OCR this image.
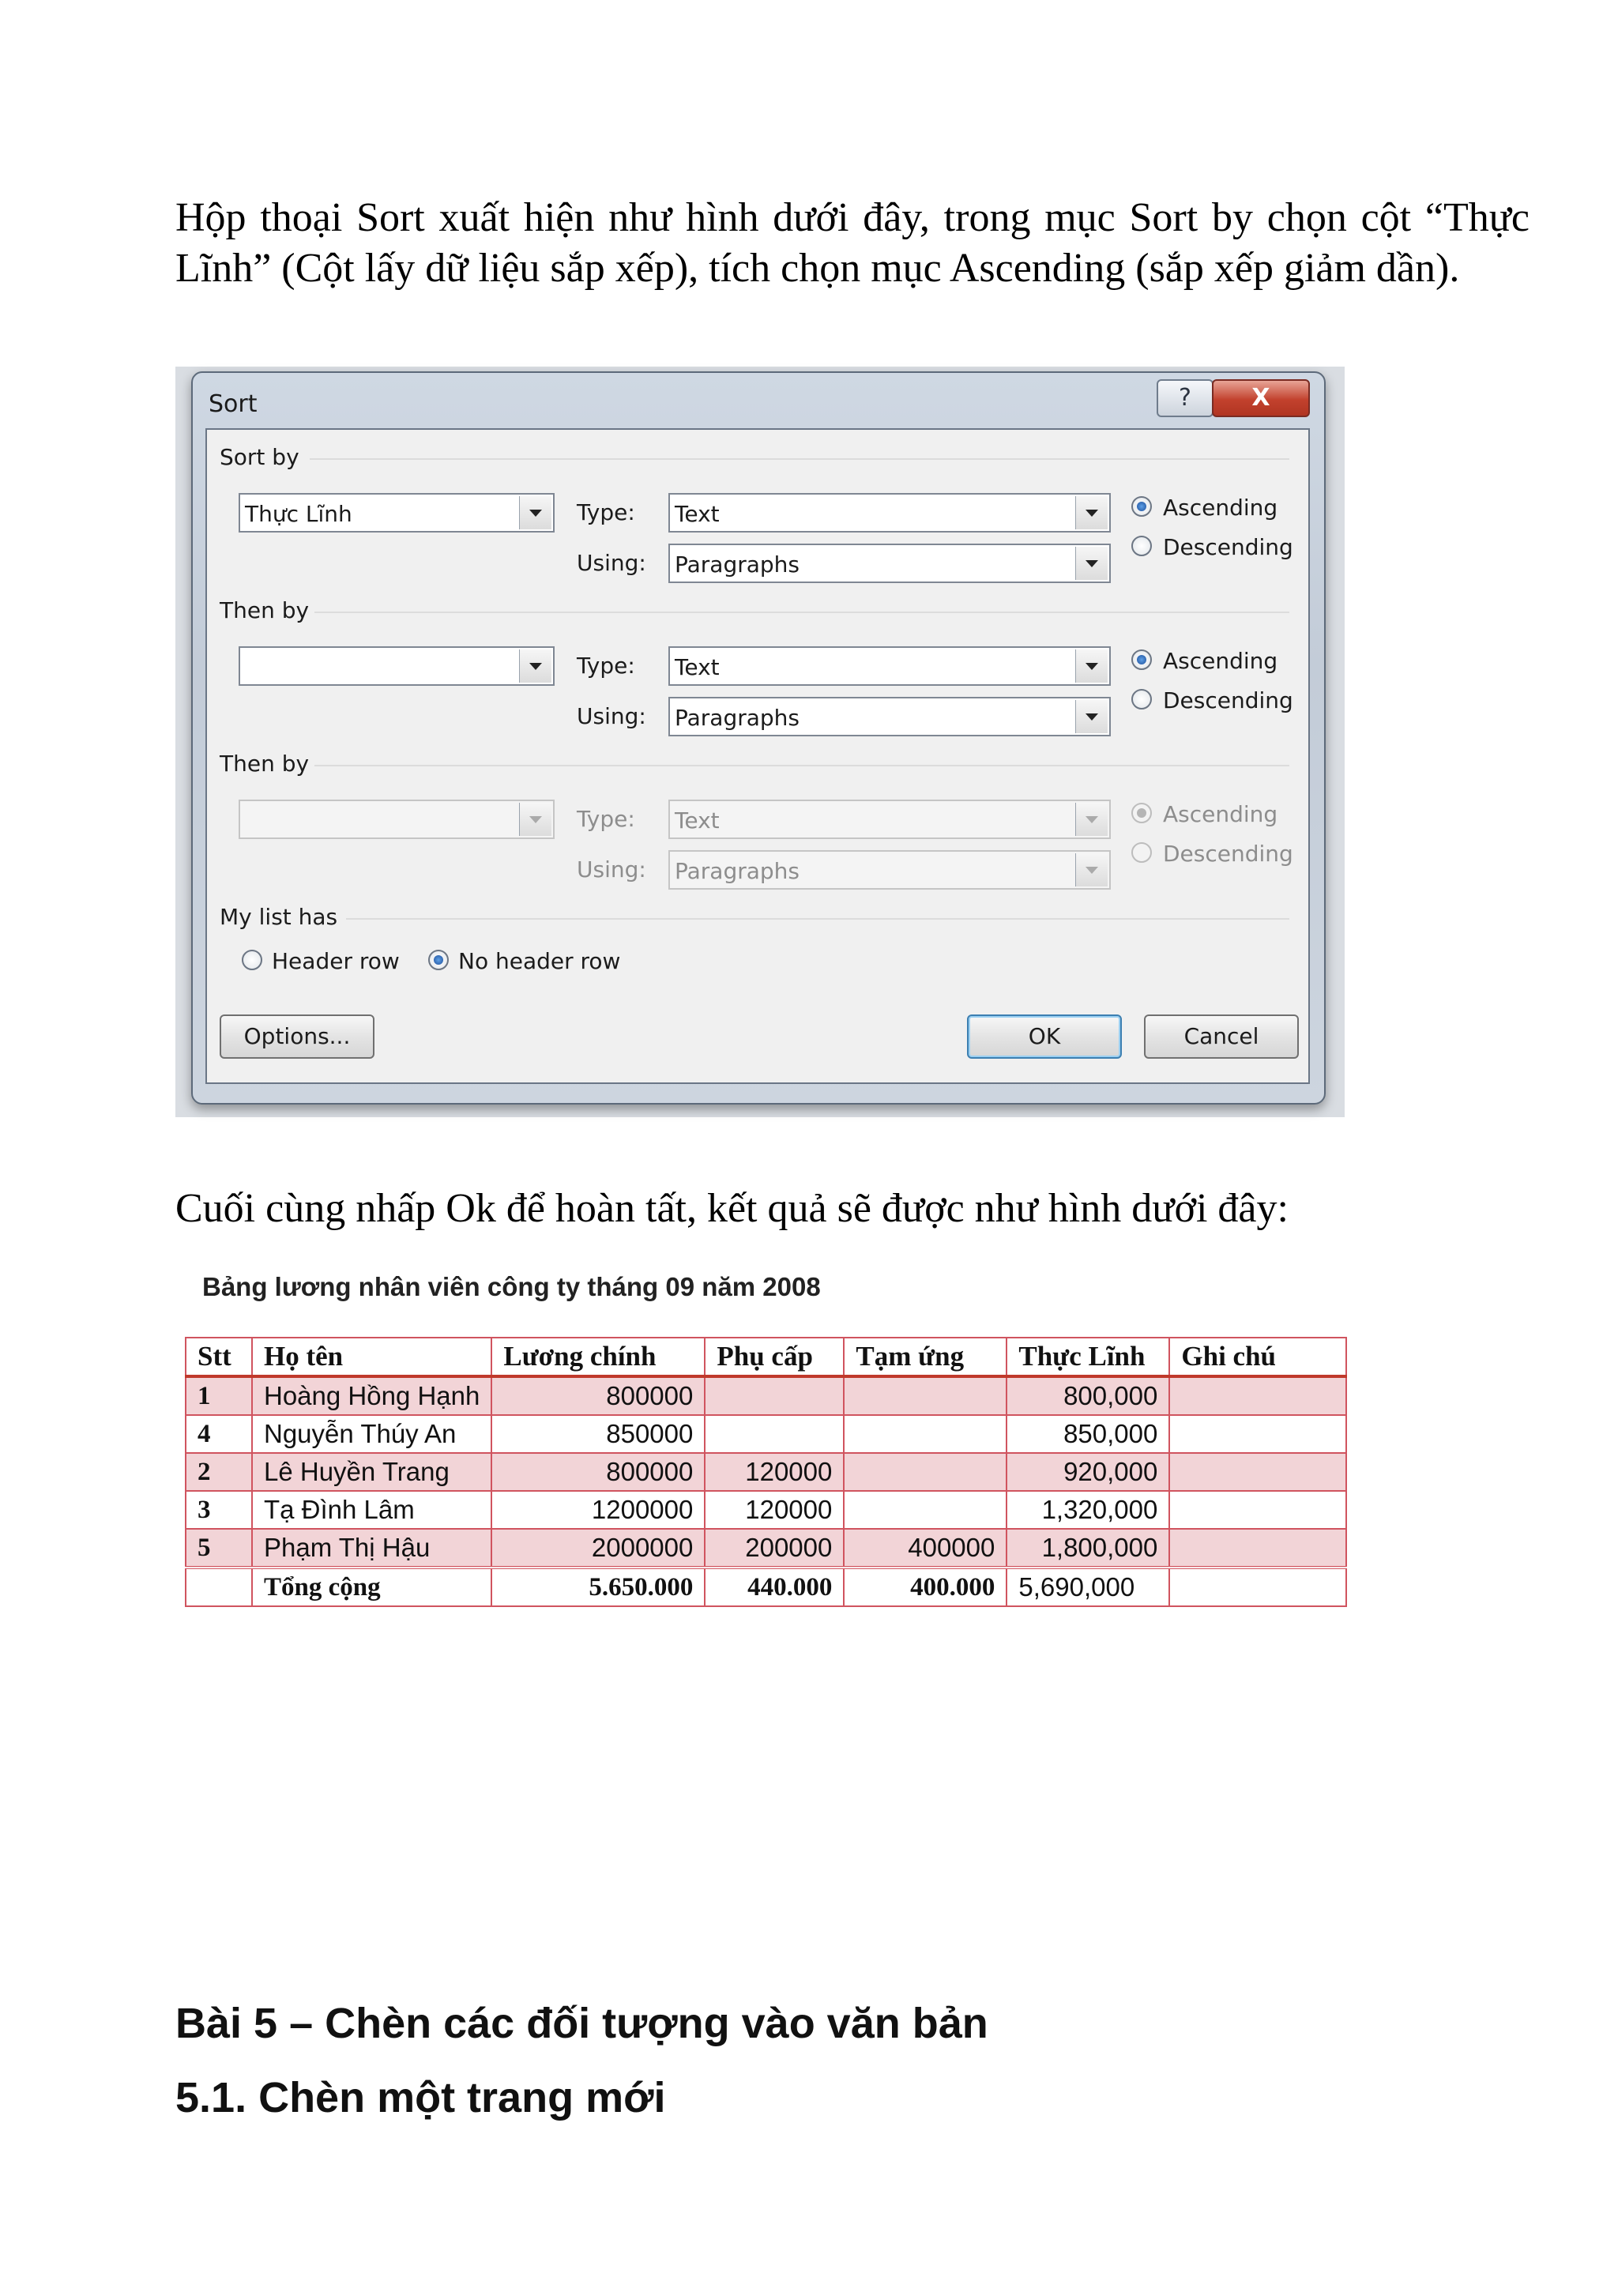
Hộp thoại Sort xuất hiện như hình dưới đây, trong mục Sort by chọn cột “Thực Lĩnh” (Cột lấy dữ liệu sắp xếp), tích chọn mục Ascending (sắp xếp giảm dần).

Sort	?	X
Sort by
Thực Lĩnh	Type: Text
Using: Paragraphs
Ascending
Descending
Then by
Type: Text
Using: Paragraphs
Ascending
Descending
Then by
Type: Text
Using: Paragraphs
Ascending
Descending
My list has
Header row	No header row
Options...	OK	Cancel

Cuối cùng nhấp Ok để hoàn tất, kết quả sẽ được như hình dưới đây:

Bảng lương nhân viên công ty tháng 09 năm 2008
Stt	Họ tên	Lương chính	Phụ cấp	Tạm ứng	Thực Lĩnh	Ghi chú
1	Hoàng Hồng Hạnh	800000			800,000	
4	Nguyễn Thúy An	850000			850,000	
2	Lê Huyền Trang	800000	120000		920,000	
3	Tạ Đình Lâm	1200000	120000		1,320,000	
5	Phạm Thị Hậu	2000000	200000	400000	1,800,000	
	Tổng cộng	5.650.000	440.000	400.000	5,690,000	
Bài 5 – Chèn các đối tượng vào văn bản
5.1. Chèn một trang mới
